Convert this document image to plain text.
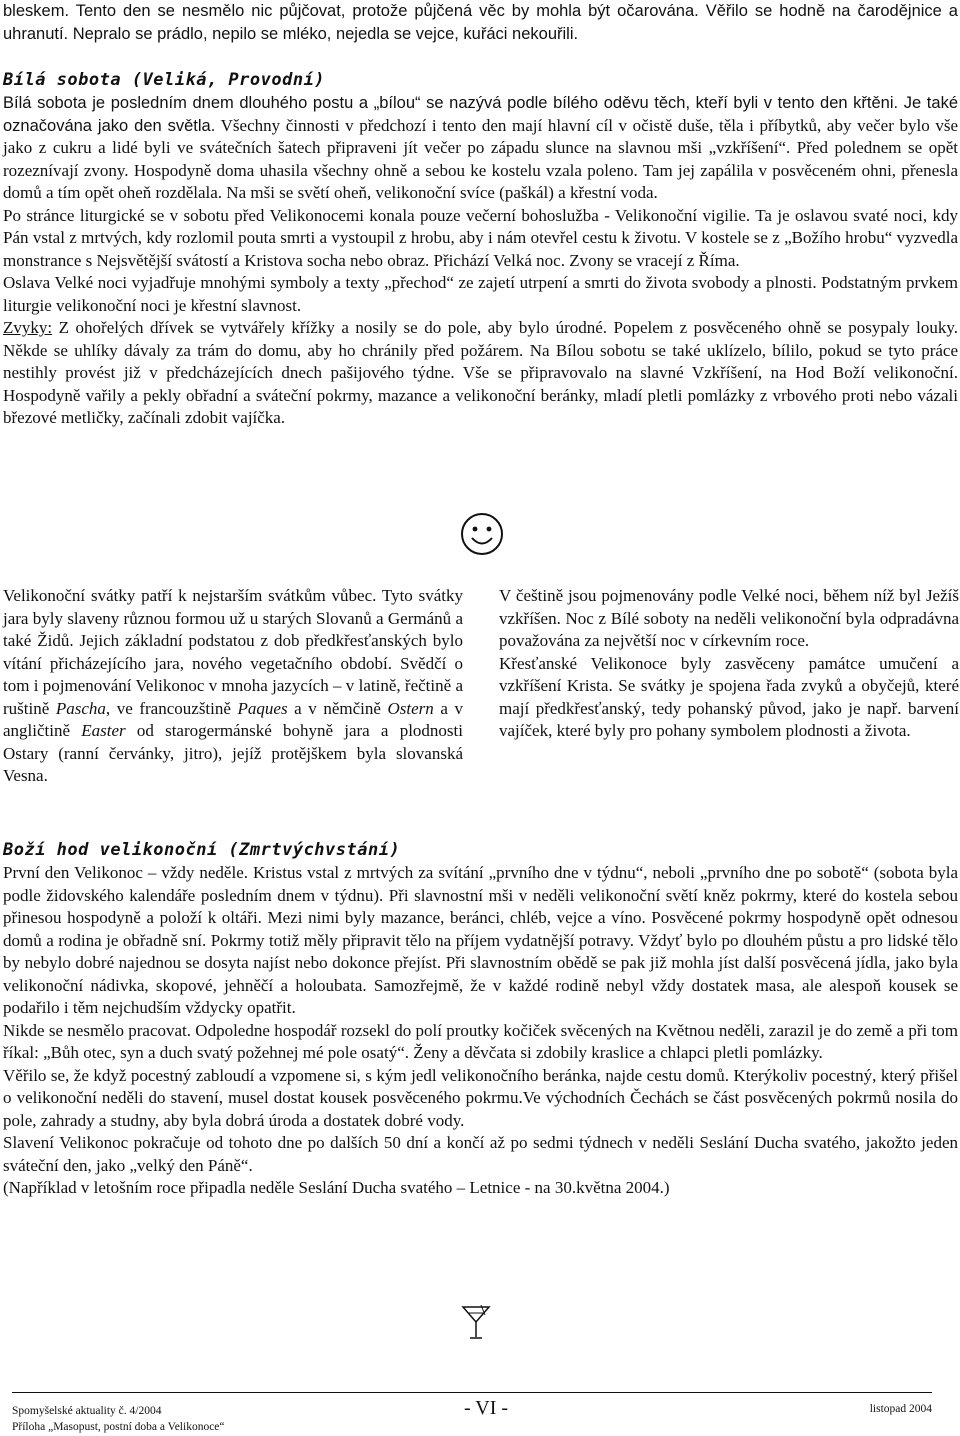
bleskem. Tento den se nesmělo nic půjčovat, protože půjčená věc by mohla být očarována. Věřilo se hodně na čarodějnice a uhranutí. Nepralo se prádlo, nepilo se mléko, nejedla se vejce, kuřáci nekouřili.

Bílá sobota (Veliká, Provodní)

Bílá sobota je posledním dnem dlouhého postu a „bílou“ se nazývá podle bílého oděvu těch, kteří byli v tento den křtěni. Je také označována jako den světla. Všechny činnosti v předchozí i tento den mají hlavní cíl v očistě duše, těla i příbytků, aby večer bylo vše jako z cukru a lidé byli ve svátečních šatech připraveni jít večer po západu slunce na slavnou mši „vzkříšení“. Před polednem se opět rozeznívají zvony. Hospodyně doma uhasila všechny ohně a sebou ke kostelu vzala poleno. Tam jej zapálila v posvěceném ohni, přenesla domů a tím opět oheň rozdělala. Na mši se světí oheň, velikonoční svíce (paškál) a křestní voda.

Po stránce liturgické se v sobotu před Velikonocemi konala pouze večerní bohoslužba - Velikonoční vigilie. Ta je oslavou svaté noci, kdy Pán vstal z mrtvých, kdy rozlomil pouta smrti a vystoupil z hrobu, aby i nám otevřel cestu k životu. V kostele se z „Božího hrobu“ vyzvedla monstrance s Nejsvětější svátostí a Kristova socha nebo obraz. Přichází Velká noc. Zvony se vracejí z Říma.

Oslava Velké noci vyjadřuje mnohými symboly a texty „přechod“ ze zajetí utrpení a smrti do života svobody a plnosti. Podstatným prvkem liturgie velikonoční noci je křestní slavnost.

Zvyky: Z ohořelých dřívek se vytvářely křížky a nosily se do pole, aby bylo úrodné. Popelem z posvěceného ohně se posypaly louky. Někde se uhlíky dávaly za trám do domu, aby ho chránily před požárem. Na Bílou sobotu se také uklízelo, bílilo, pokud se tyto práce nestihly provést již v předcházejících dnech pašijového týdne. Vše se připravovalo na slavné Vzkříšení, na Hod Boží velikonoční. Hospodyně vařily a pekly obřadní a sváteční pokrmy, mazance a velikonoční beránky, mladí pletli pomlázky z vrbového proti nebo vázali březové metličky, začínali zdobit vajíčka.

Velikonoční svátky patří k nejstarším svátkům vůbec. Tyto svátky jara byly slaveny různou formou už u starých Slovanů a Germánů a také Židů. Jejich základní podstatou z dob předkřesťanských bylo vítání přicházejícího jara, nového vegetačního období. Svědčí o tom i pojmenování Velikonoc v mnoha jazycích – v latině, řečtině a ruštině Pascha, ve francouzštině Paques a v němčině Ostern a v angličtině Easter od starogermánské bohyně jara a plodnosti Ostary (ranní červánky, jitro), jejíž protějškem byla slovanská Vesna.

V češtině jsou pojmenovány podle Velké noci, během níž byl Ježíš vzkříšen. Noc z Bílé soboty na neděli velikonoční byla odpradávna považována za největší noc v církevním roce.

Křesťanské Velikonoce byly zasvěceny památce umučení a vzkříšení Krista. Se svátky je spojena řada zvyků a obyčejů, které mají předkřesťanský, tedy pohanský původ, jako je např. barvení vajíček, které byly pro pohany symbolem plodnosti a života.

Boží hod velikonoční (Zmrtvýchvstání)

První den Velikonoc – vždy neděle. Kristus vstal z mrtvých za svítání „prvního dne v týdnu“, neboli „prvního dne po sobotě“ (sobota byla podle židovského kalendáře posledním dnem v týdnu). Při slavnostní mši v neděli velikonoční světí kněz pokrmy, které do kostela sebou přinesou hospodyně a položí k oltáři. Mezi nimi byly mazance, beránci, chléb, vejce a víno. Posvěcené pokrmy hospodyně opět odnesou domů a rodina je obřadně sní. Pokrmy totiž měly připravit tělo na příjem vydatnější potravy. Vždyť bylo po dlouhém půstu a pro lidské tělo by nebylo dobré najednou se dosyta najíst nebo dokonce přejíst. Při slavnostním obědě se pak již mohla jíst další posvěcená jídla, jako byla velikonoční nádivka, skopové, jehněčí a holoubata. Samozřejmě, že v každé rodině nebyl vždy dostatek masa, ale alespoň kousek se podařilo i těm nejchudším vždycky opatřit.

Nikde se nesmělo pracovat. Odpoledne hospodář rozsekl do polí proutky kočiček svěcených na Květnou neděli, zarazil je do země a při tom říkal: „Bůh otec, syn a duch svatý požehnej mé pole osatý“. Ženy a děvčata si zdobily kraslice a chlapci pletli pomlázky.

Věřilo se, že když pocestný zabloudí a vzpomene si, s kým jedl velikonočního beránka, najde cestu domů. Kterýkoliv pocestný, který přišel o velikonoční neděli do stavení, musel dostat kousek posvěceného pokrmu.Ve východních Čechách se část posvěcených pokrmů nosila do pole, zahrady a studny, aby byla dobrá úroda a dostatek dobré vody.

Slavení Velikonoc pokračuje od tohoto dne po dalších 50 dní a končí až po sedmi týdnech v neděli Seslání Ducha svatého, jakožto jeden sváteční den, jako „velký den Páně“.

(Například v letošním roce připadla neděle Seslání Ducha svatého – Letnice - na 30.května 2004.)

Spomyšelské aktuality č. 4/2004
Příloha „Masopust, postní doba a Velikonoce“
- VI -	listopad 2004
